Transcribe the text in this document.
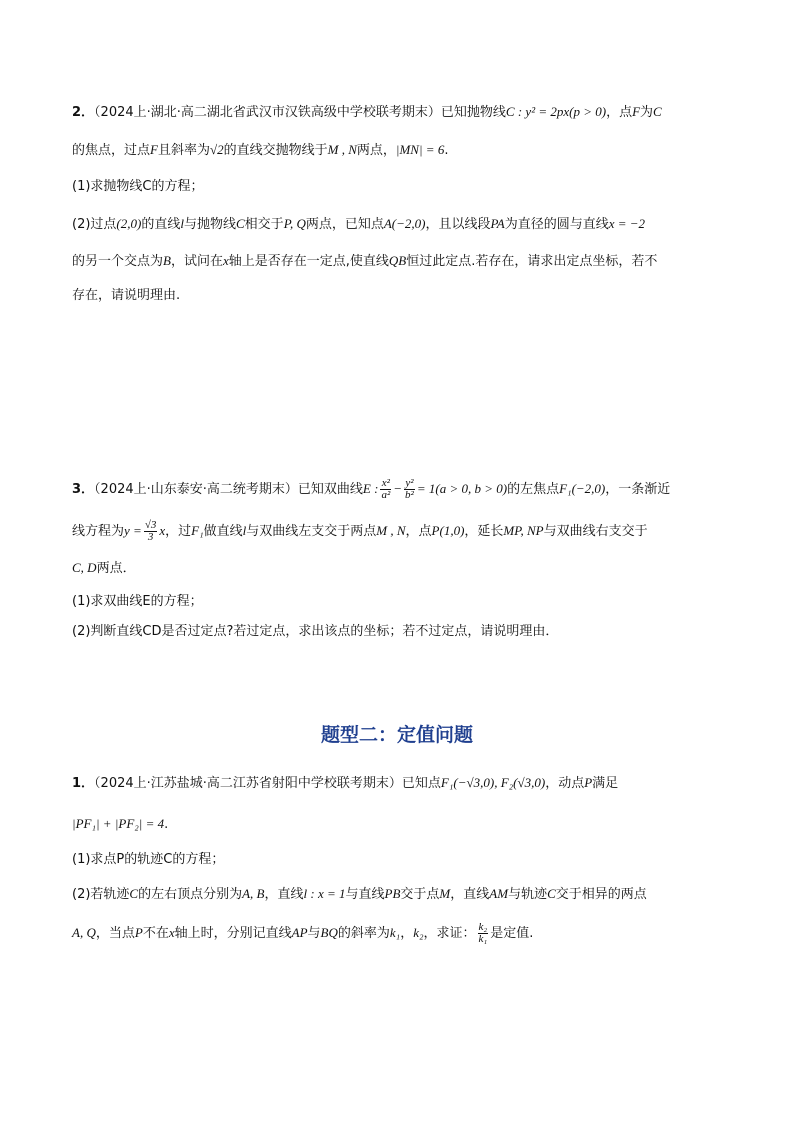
2．（2024上·湖北·高二湖北省武汉市汉铁高级中学校联考期末）已知抛物线C : y² = 2px(p > 0)，点F为C
的焦点，过点F且斜率为√2的直线交抛物线于M , N两点，|MN| = 6.
(1)求抛物线C的方程；
(2)过点(2,0)的直线l与抛物线C相交于P, Q两点，已知点A(−2,0)，且以线段PA为直径的圆与直线x = −2
的另一个交点为B，试问在x轴上是否存在一定点,使直线QB恒过此定点.若存在，请求出定点坐标，若不
存在，请说明理由.
3．（2024上·山东泰安·高二统考期末）已知双曲线E : $\frac{\text{x²}}{\text{a²}} - \frac{\text{y²}}{\text{b²}} = 1(a > 0$, b > 0)的左焦点F₁(−2,0)，一条渐近
线方程为$y = \frac{√3}{3}$ x，过F₁做直线l与双曲线左支交于两点M , N，点P(1,0)，延长MP, NP与双曲线右支交于
C, D两点．
(1)求双曲线E的方程；
(2)判断直线CD是否过定点?若过定点，求出该点的坐标；若不过定点，请说明理由．
题型二：定值问题
1．（2024上·江苏盐城·高二江苏省射阳中学校联考期末）已知点F₁(−√3,0), F₂(√3,0)，动点P满足
|PF₁| + |PF₂| = 4.
(1)求点P的轨迹C的方程；
(2)若轨迹C的左右顶点分别为A, B，直线l : x = 1与直线PB交于点M，直线AM与轨迹C交于相异的两点
A, Q，当点P不在x轴上时，分别记直线AP与BQ的斜率为k₁，k₂，求证： $\frac{\text{k₂}}{\text{k₁}}$ 是定值.
